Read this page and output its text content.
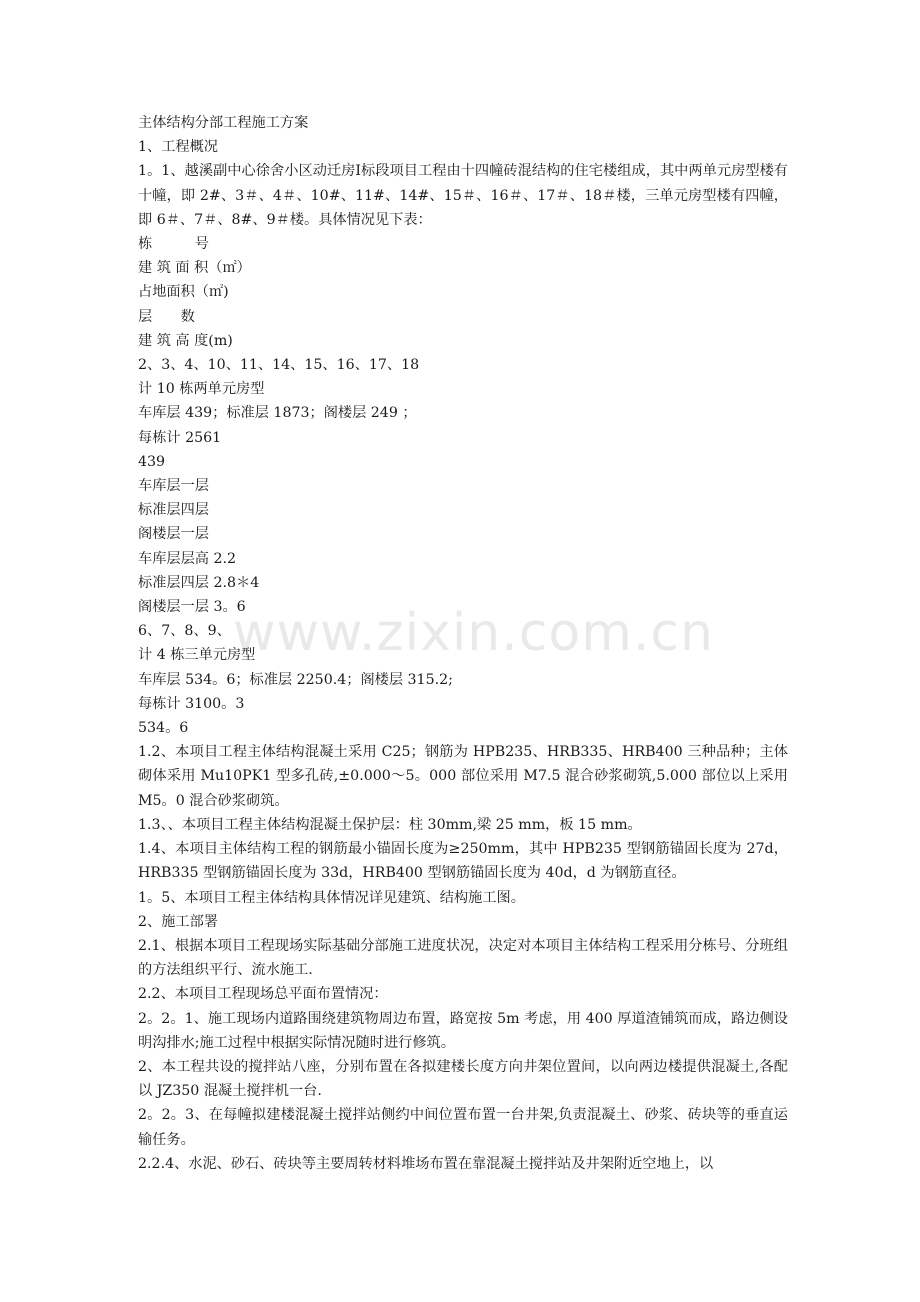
主体结构分部工程施工方案

1、工程概况

1。1、越溪副中心徐舍小区动迁房Ⅰ标段项目工程由十四幢砖混结构的住宅楼组成，其中两单元房型楼有十幢，即 2#、3＃、4＃、10#、11#、14#、15＃、16＃、17＃、18＃楼，三单元房型楼有四幢，即 6＃、7＃、8#、9＃楼。具体情况见下表：

栋　　　号

建 筑 面 积（㎡）

占地面积（㎡)

层　　数

建 筑 高 度(m)

2、3、4、10、11、14、15、16、17、18

计 10 栋两单元房型

车库层 439；标准层 1873；阁楼层 249 ；

每栋计 2561

439

车库层一层

标准层四层

阁楼层一层

车库层层高 2.2

标准层四层 2.8＊4

阁楼层一层 3。6

6、7、8、9、

计 4 栋三单元房型

车库层 534。6；标准层 2250.4；阁楼层 315.2;

每栋计 3100。3

534。6

1.2、本项目工程主体结构混凝土采用 C25；钢筋为 HPB235、HRB335、HRB400 三种品种；主体砌体采用 Mu10PK1 型多孔砖,±0.000～5。000 部位采用 M7.5 混合砂浆砌筑,5.000 部位以上采用 M5。0 混合砂浆砌筑。

1.3、、本项目工程主体结构混凝土保护层：柱 30mm,梁 25 mm，板 15 mm。

1.4、本项目主体结构工程的钢筋最小锚固长度为≥250mm，其中 HPB235 型钢筋锚固长度为 27d，HRB335 型钢筋锚固长度为 33d，HRB400 型钢筋锚固长度为 40d，d 为钢筋直径。

1。5、本项目工程主体结构具体情况详见建筑、结构施工图。

2、施工部署

2.1、根据本项目工程现场实际基础分部施工进度状况，决定对本项目主体结构工程采用分栋号、分班组的方法组织平行、流水施工.

2.2、本项目工程现场总平面布置情况：

2。2。1、施工现场内道路围绕建筑物周边布置，路宽按 5m 考虑，用 400 厚道渣铺筑而成，路边侧设明沟排水;施工过程中根据实际情况随时进行修筑。

2、本工程共设的搅拌站八座，分别布置在各拟建楼长度方向井架位置间，以向两边楼提供混凝土,各配以 JZ350 混凝土搅拌机一台.

2。2。3、在每幢拟建楼混凝土搅拌站侧约中间位置布置一台井架,负责混凝土、砂浆、砖块等的垂直运输任务。

2.2.4、水泥、砂石、砖块等主要周转材料堆场布置在靠混凝土搅拌站及井架附近空地上，以

www.zixin.com.cn
